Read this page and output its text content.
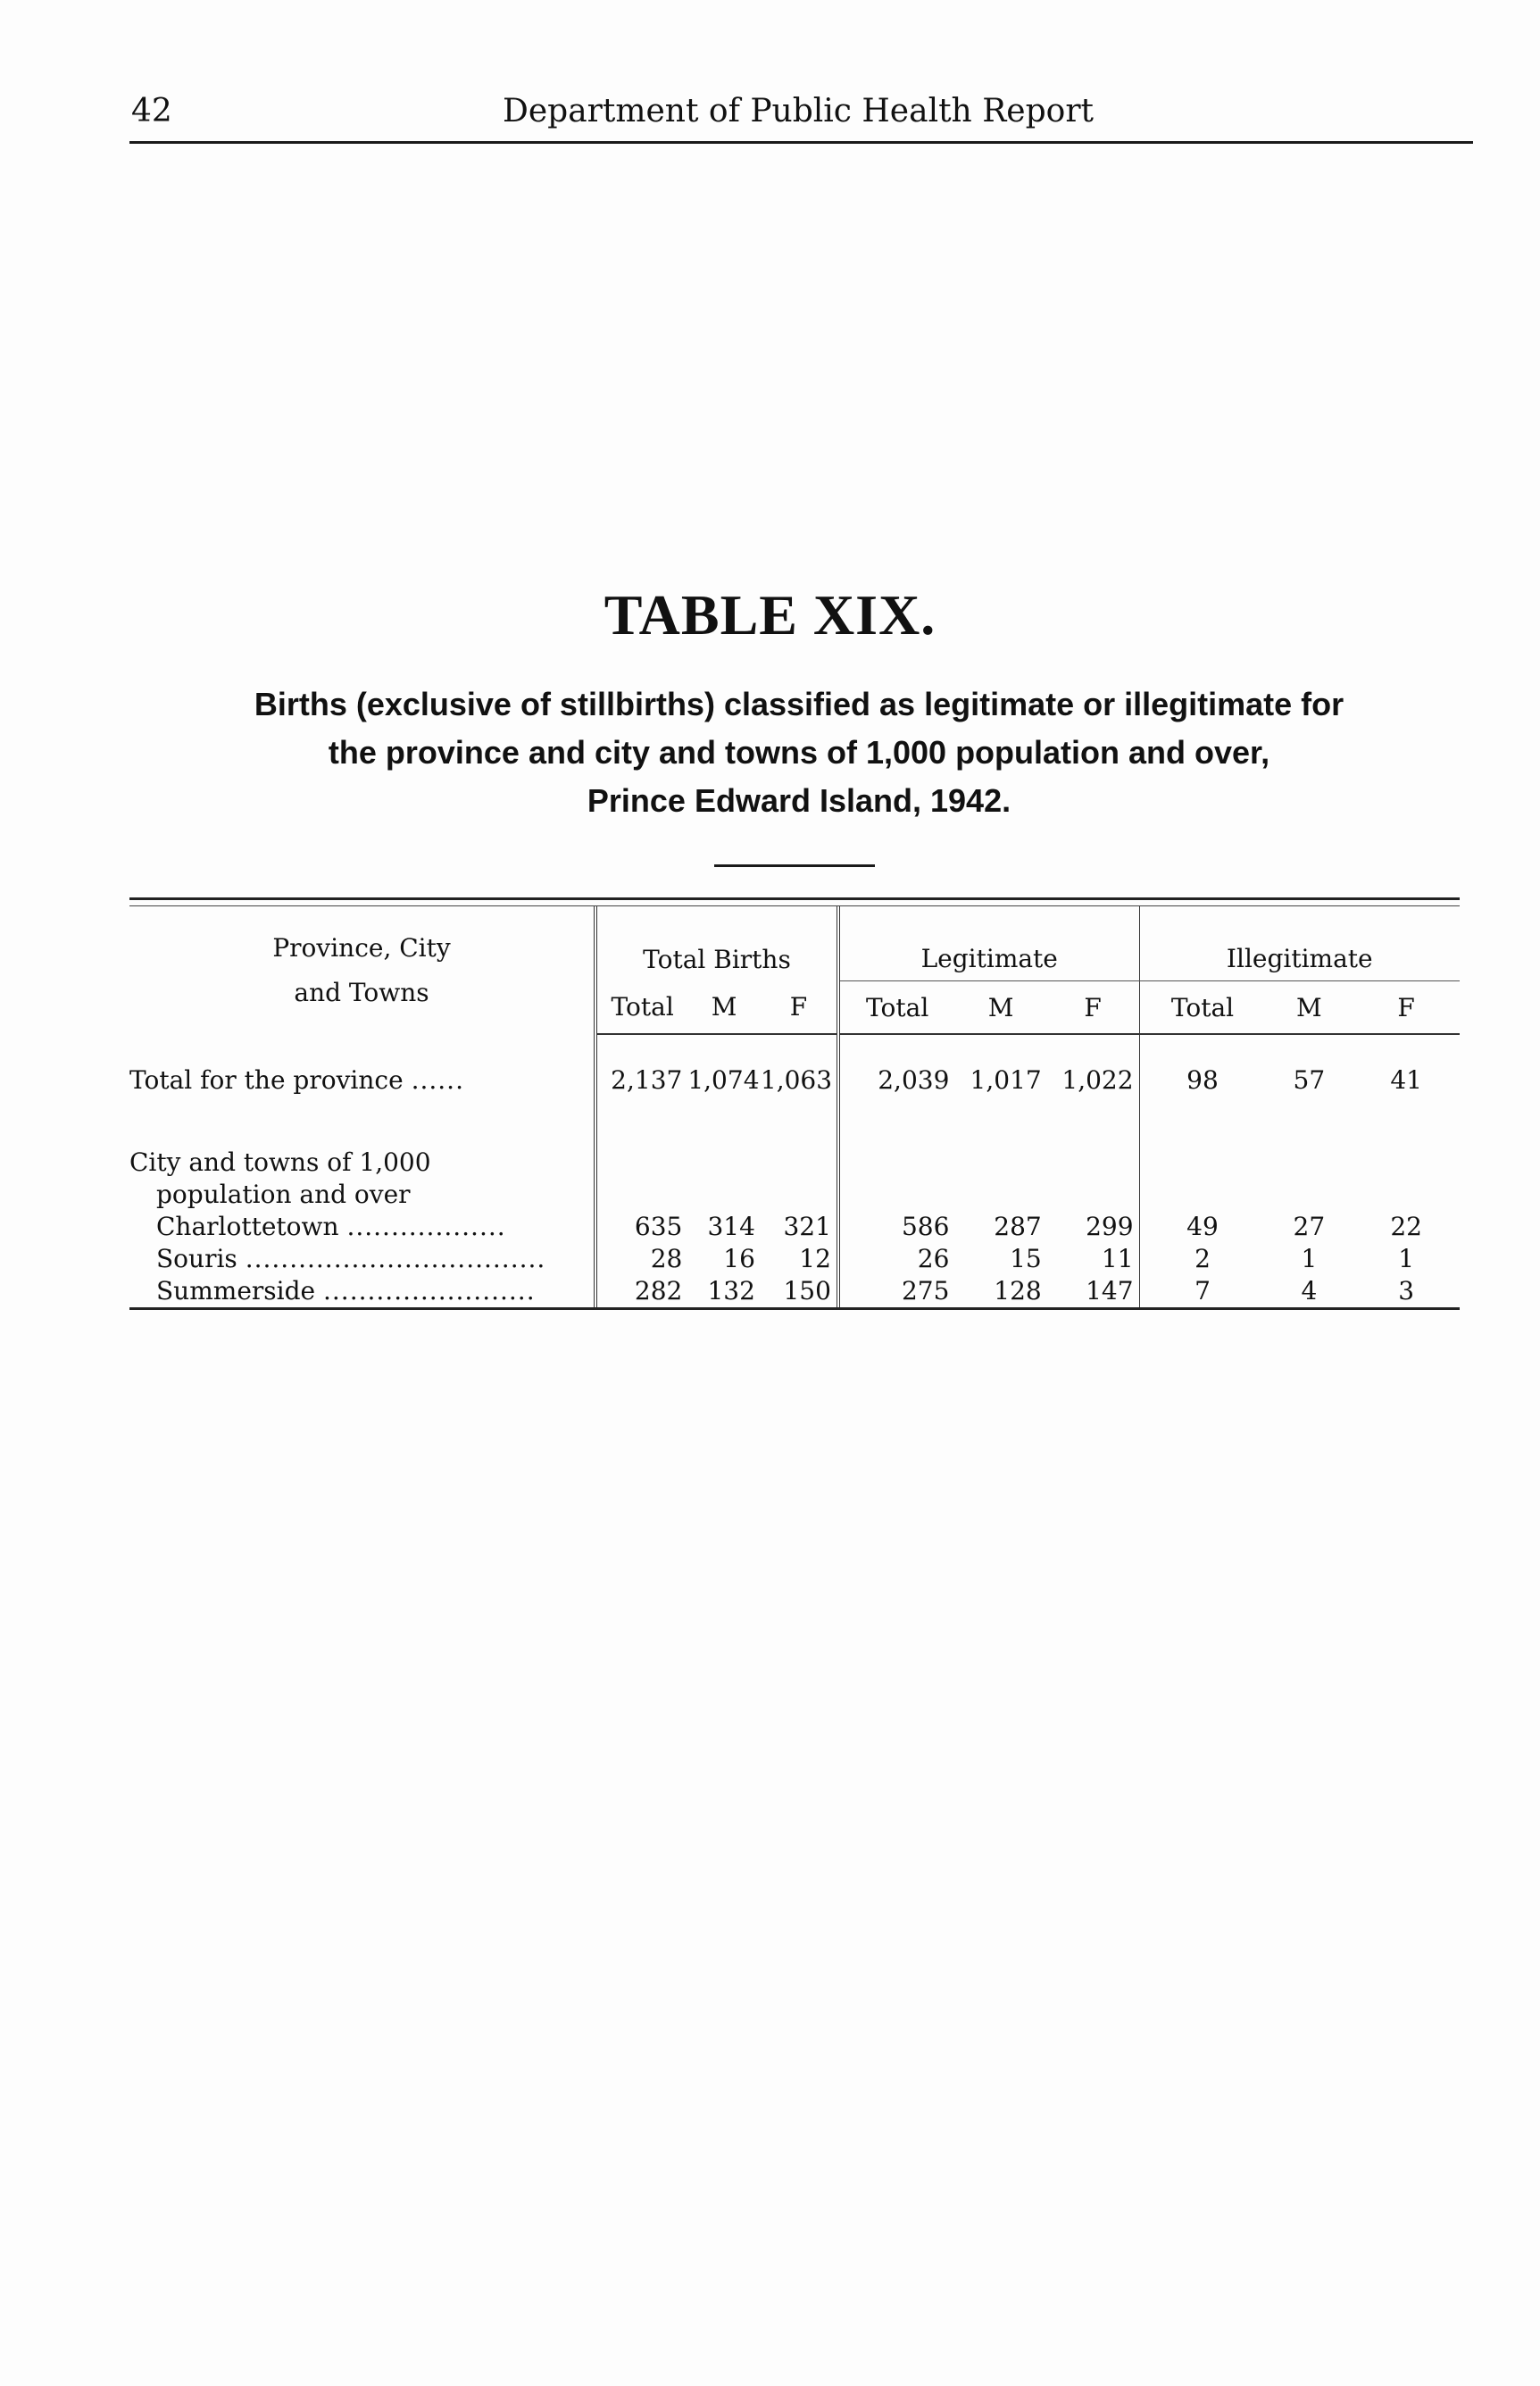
42	Department of Public Health Report
TABLE XIX.

Births (exclusive of stillbirths) classified as legitimate or illegitimate for
the province and city and towns of 1,000 population and over,
Prince Edward Island, 1942.

Province, City
and Towns	Total Births			Legitimate			Illegitimate		
	Total	M	F	Total	M	F	Total	M	F
Total for the province ......	2,137	1,074	1,063	2,039	1,017	1,022	98	57	41

City and towns of 1,000
population and over									

Charlottetown ..................	635	314	321	586	287	299	49	27	22
Souris ..................................	28	16	12	26	15	11	2	1	1
Summerside ........................	282	132	150	275	128	147	7	4	3
